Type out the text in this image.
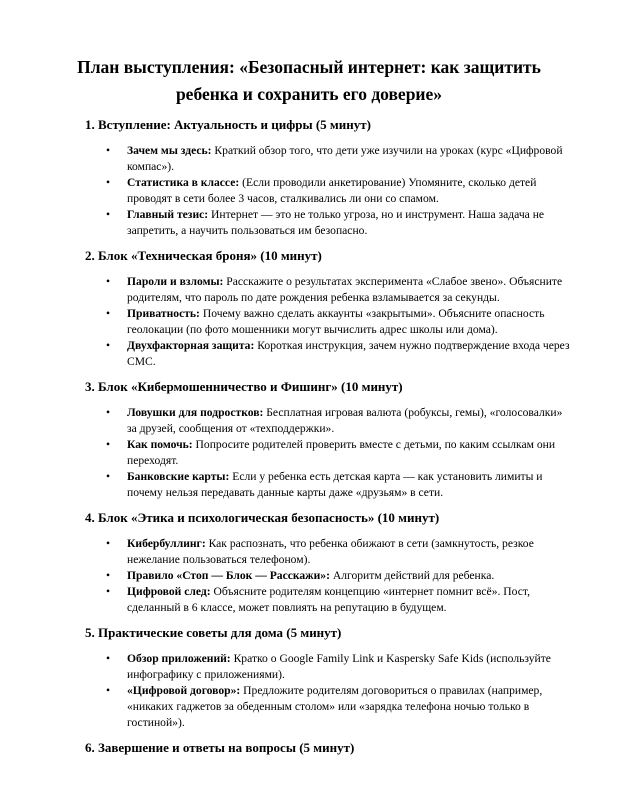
План выступления: «Безопасный интернет: как защитить
ребенка и сохранить его доверие»
1. Вступление: Актуальность и цифры (5 минут)
• Зачем мы здесь: Краткий обзор того, что дети уже изучили на уроках (курс «Цифровой компас»).
• Статистика в классе: (Если проводили анкетирование) Упомяните, сколько детей проводят в сети более 3 часов, сталкивались ли они со спамом.
• Главный тезис: Интернет — это не только угроза, но и инструмент. Наша задача не запретить, а научить пользоваться им безопасно.
2. Блок «Техническая броня» (10 минут)
• Пароли и взломы: Расскажите о результатах эксперимента «Слабое звено». Объясните родителям, что пароль по дате рождения ребенка взламывается за секунды.
• Приватность: Почему важно сделать аккаунты «закрытыми». Объясните опасность геолокации (по фото мошенники могут вычислить адрес школы или дома).
• Двухфакторная защита: Короткая инструкция, зачем нужно подтверждение входа через СМС.
3. Блок «Кибермошенничество и Фишинг» (10 минут)
• Ловушки для подростков: Бесплатная игровая валюта (робуксы, гемы), «голосовалки» за друзей, сообщения от «техподдержки».
• Как помочь: Попросите родителей проверить вместе с детьми, по каким ссылкам они переходят.
• Банковские карты: Если у ребенка есть детская карта — как установить лимиты и почему нельзя передавать данные карты даже «друзьям» в сети.
4. Блок «Этика и психологическая безопасность» (10 минут)
• Кибербуллинг: Как распознать, что ребенка обижают в сети (замкнутость, резкое нежелание пользоваться телефоном).
• Правило «Стоп — Блок — Расскажи»: Алгоритм действий для ребенка.
• Цифровой след: Объясните родителям концепцию «интернет помнит всё». Пост, сделанный в 6 классе, может повлиять на репутацию в будущем.
5. Практические советы для дома (5 минут)
• Обзор приложений: Кратко о Google Family Link и Kaspersky Safe Kids (используйте инфографику с приложениями).
• «Цифровой договор»: Предложите родителям договориться о правилах (например, «никаких гаджетов за обеденным столом» или «зарядка телефона ночью только в гостиной»).
6. Завершение и ответы на вопросы (5 минут)
